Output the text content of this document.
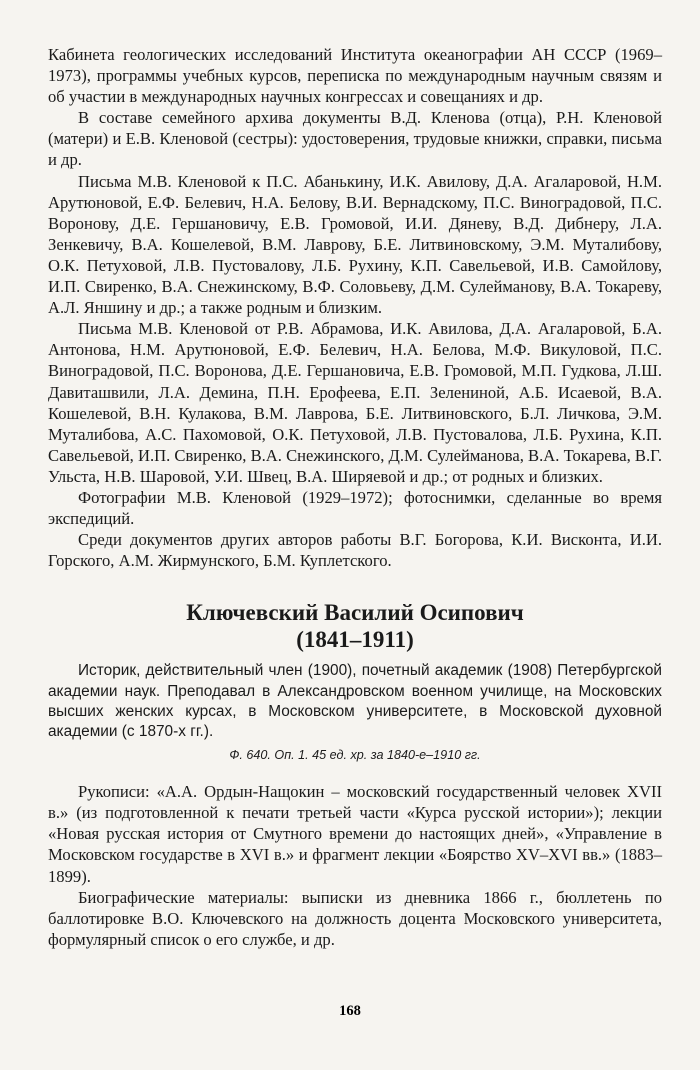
Кабинета геологических исследований Института океанографии АН СССР (1969–1973), программы учебных курсов, переписка по международным научным связям и об участии в международных научных конгрессах и совещаниях и др.

В составе семейного архива документы В.Д. Кленова (отца), Р.Н. Кленовой (матери) и Е.В. Кленовой (сестры): удостоверения, трудовые книжки, справки, письма и др.

Письма М.В. Кленовой к П.С. Абанькину, И.К. Авилову, Д.А. Агаларовой, Н.М. Арутюновой, Е.Ф. Белевич, Н.А. Белову, В.И. Вернадскому, П.С. Виноградовой, П.С. Воронову, Д.Е. Гершановичу, Е.В. Громовой, И.И. Дяневу, В.Д. Дибнеру, Л.А. Зенкевичу, В.А. Кошелевой, В.М. Лаврову, Б.Е. Литвиновскому, Э.М. Муталибову, О.К. Петуховой, Л.В. Пустовалову, Л.Б. Рухину, К.П. Савельевой, И.В. Самойлову, И.П. Свиренко, В.А. Снежинскому, В.Ф. Соловьеву, Д.М. Сулейманову, В.А. Токареву, А.Л. Яншину и др.; а также родным и близким.

Письма М.В. Кленовой от Р.В. Абрамова, И.К. Авилова, Д.А. Агаларовой, Б.А. Антонова, Н.М. Арутюновой, Е.Ф. Белевич, Н.А. Белова, М.Ф. Викуловой, П.С. Виноградовой, П.С. Воронова, Д.Е. Гершановича, Е.В. Громовой, М.П. Гудкова, Л.Ш. Давиташвили, Л.А. Демина, П.Н. Ерофеева, Е.П. Зелениной, А.Б. Исаевой, В.А. Кошелевой, В.Н. Кулакова, В.М. Лаврова, Б.Е. Литвиновского, Б.Л. Личкова, Э.М. Муталибова, А.С. Пахомовой, О.К. Петуховой, Л.В. Пустовалова, Л.Б. Рухина, К.П. Савельевой, И.П. Свиренко, В.А. Снежинского, Д.М. Сулейманова, В.А. Токарева, В.Г. Ульста, Н.В. Шаровой, У.И. Швец, В.А. Ширяевой и др.; от родных и близких.

Фотографии М.В. Кленовой (1929–1972); фотоснимки, сделанные во время экспедиций.

Среди документов других авторов работы В.Г. Богорова, К.И. Висконта, И.И. Горского, А.М. Жирмунского, Б.М. Куплетского.

Ключевский Василий Осипович
(1841–1911)

Историк, действительный член (1900), почетный академик (1908) Петербургской академии наук. Преподавал в Александровском военном училище, на Московских высших женских курсах, в Московском университете, в Московской духовной академии (с 1870-х гг.).

Ф. 640. Оп. 1. 45 ед. хр. за 1840-е–1910 гг.

Рукописи: «А.А. Ордын-Нащокин – московский государственный человек XVII в.» (из подготовленной к печати третьей части «Курса русской истории»); лекции «Новая русская история от Смутного времени до настоящих дней», «Управление в Московском государстве в XVI в.» и фрагмент лекции «Боярство XV–XVI вв.» (1883–1899).

Биографические материалы: выписки из дневника 1866 г., бюллетень по баллотировке В.О. Ключевского на должность доцента Московского университета, формулярный список о его службе, и др.

168
